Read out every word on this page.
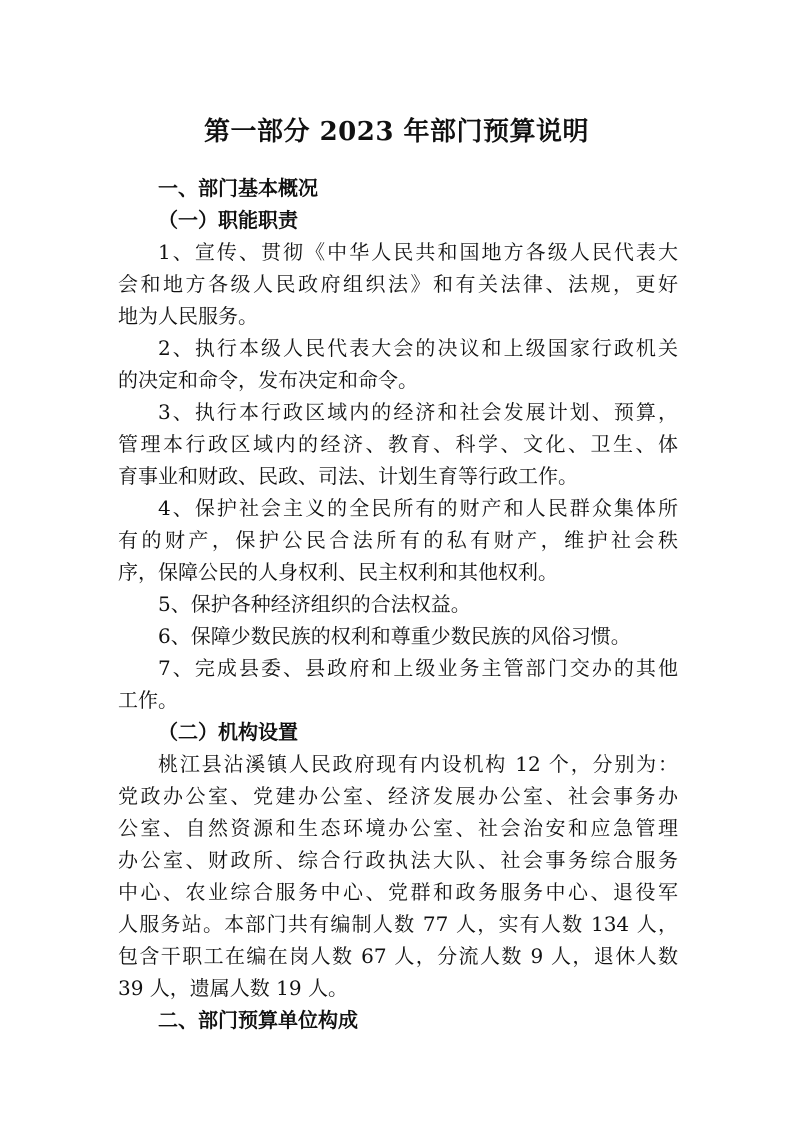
第一部分 2023 年部门预算说明
一、部门基本概况
（一）职能职责
1、宣传、贯彻《中华人民共和国地方各级人民代表大
会和地方各级人民政府组织法》和有关法律、法规，更好
地为人民服务。
2、执行本级人民代表大会的决议和上级国家行政机关
的决定和命令，发布决定和命令。
3、执行本行政区域内的经济和社会发展计划、预算，
管理本行政区域内的经济、教育、科学、文化、卫生、体
育事业和财政、民政、司法、计划生育等行政工作。
4、保护社会主义的全民所有的财产和人民群众集体所
有的财产，保护公民合法所有的私有财产，维护社会秩
序，保障公民的人身权利、民主权利和其他权利。
5、保护各种经济组织的合法权益。
6、保障少数民族的权利和尊重少数民族的风俗习惯。
7、完成县委、县政府和上级业务主管部门交办的其他
工作。
（二）机构设置
桃江县沾溪镇人民政府现有内设机构 12 个，分别为：
党政办公室、党建办公室、经济发展办公室、社会事务办
公室、自然资源和生态环境办公室、社会治安和应急管理
办公室、财政所、综合行政执法大队、社会事务综合服务
中心、农业综合服务中心、党群和政务服务中心、退役军
人服务站。本部门共有编制人数 77 人，实有人数 134 人，
包含干职工在编在岗人数 67 人，分流人数 9 人，退休人数
39 人，遗属人数 19 人。
二、部门预算单位构成
